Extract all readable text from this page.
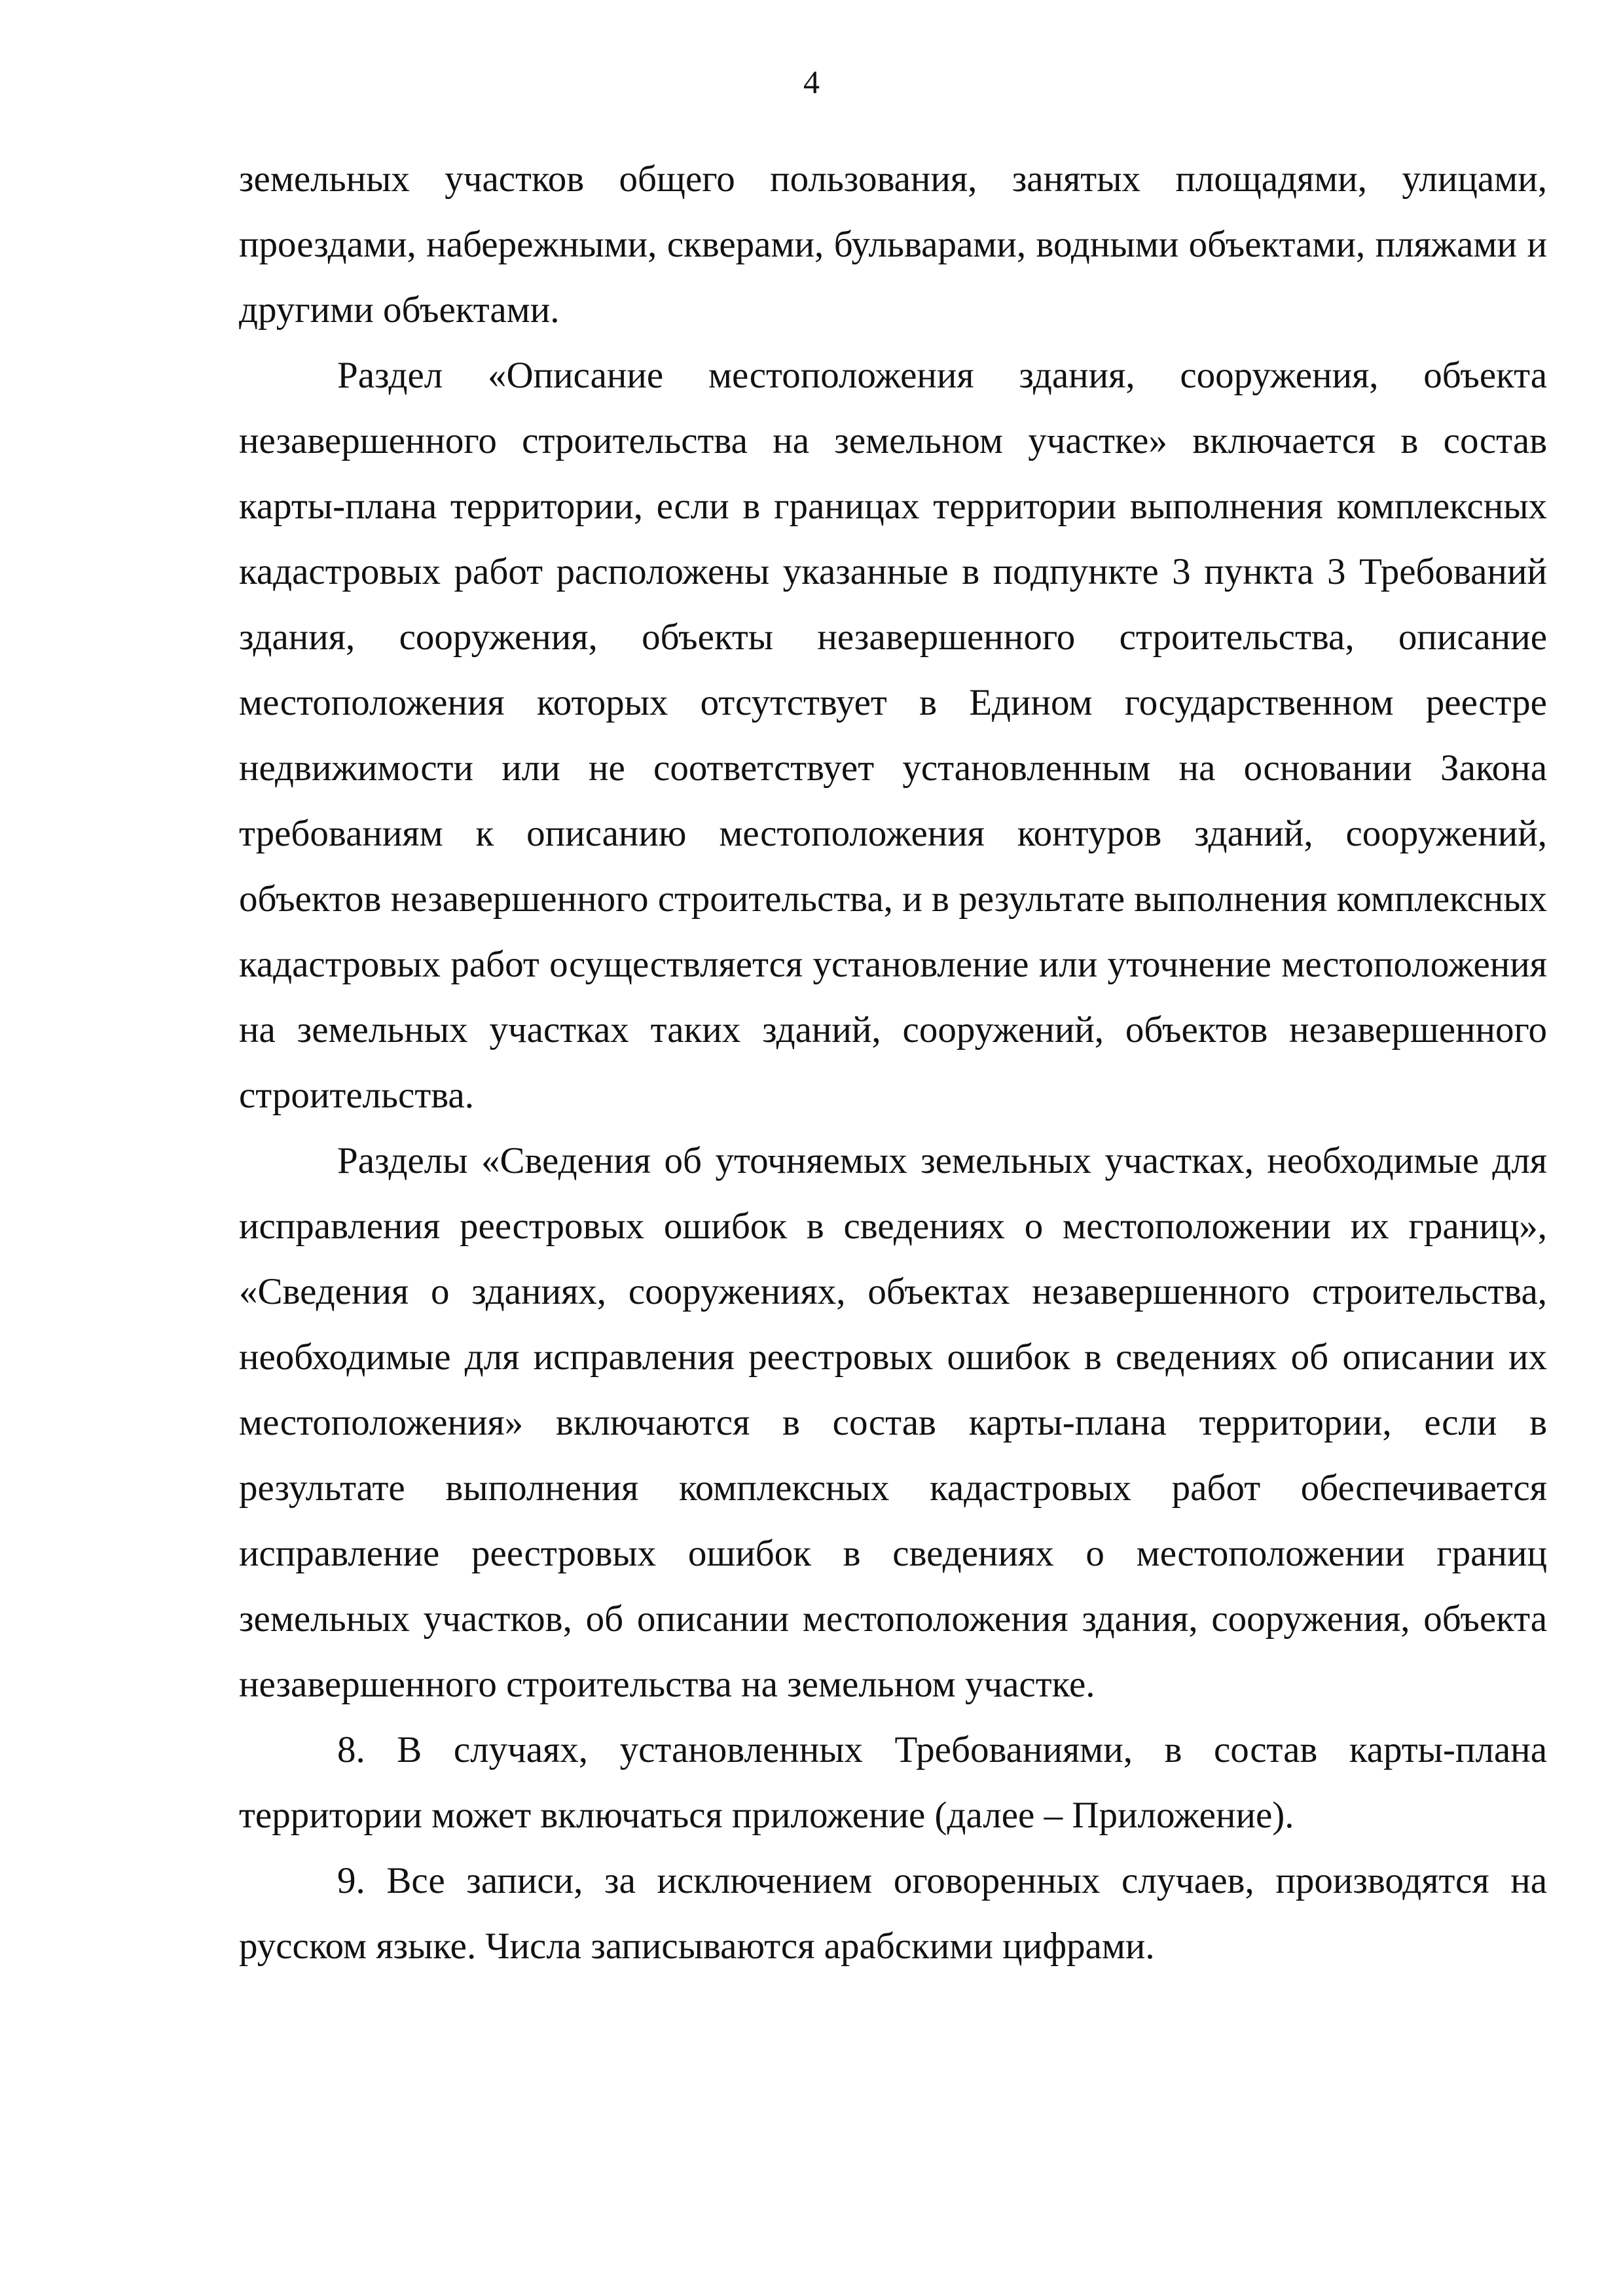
4

земельных участков общего пользования, занятых площадями, улицами, проездами, набережными, скверами, бульварами, водными объектами, пляжами и другими объектами.

Раздел «Описание местоположения здания, сооружения, объекта незавершенного строительства на земельном участке» включается в состав карты-плана территории, если в границах территории выполнения комплексных кадастровых работ расположены указанные в подпункте 3 пункта 3 Требований здания, сооружения, объекты незавершенного строительства, описание местоположения которых отсутствует в Едином государственном реестре недвижимости или не соответствует установленным на основании Закона требованиям к описанию местоположения контуров зданий, сооружений, объектов незавершенного строительства, и в результате выполнения комплексных кадастровых работ осуществляется установление или уточнение местоположения на земельных участках таких зданий, сооружений, объектов незавершенного строительства.

Разделы «Сведения об уточняемых земельных участках, необходимые для исправления реестровых ошибок в сведениях о местоположении их границ», «Сведения о зданиях, сооружениях, объектах незавершенного строительства, необходимые для исправления реестровых ошибок в сведениях об описании их местоположения» включаются в состав карты-плана территории, если в результате выполнения комплексных кадастровых работ обеспечивается исправление реестровых ошибок в сведениях о местоположении границ земельных участков, об описании местоположения здания, сооружения, объекта незавершенного строительства на земельном участке.

8. В случаях, установленных Требованиями, в состав карты-плана территории может включаться приложение (далее – Приложение).

9. Все записи, за исключением оговоренных случаев, производятся на русском языке. Числа записываются арабскими цифрами.
